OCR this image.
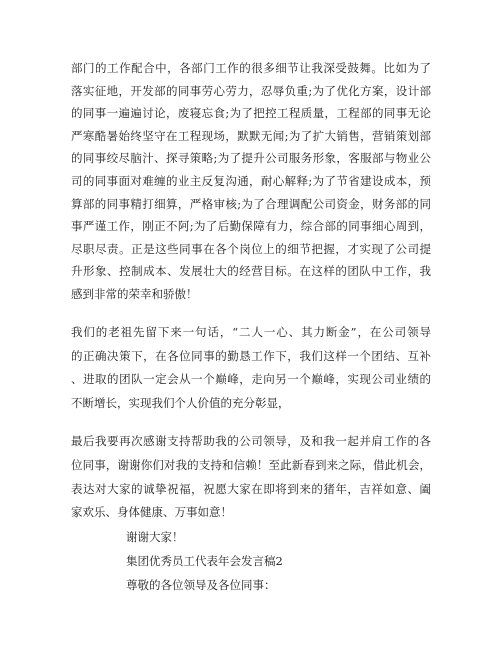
部门的工作配合中，各部门工作的很多细节让我深受鼓舞。比如为了
落实征地，开发部的同事劳心劳力，忍辱负重;为了优化方案，设计部
的同事一遍遍讨论，废寝忘食;为了把控工程质量，工程部的同事无论
严寒酷暑始终坚守在工程现场，默默无闻;为了扩大销售，营销策划部
的同事绞尽脑汁、探寻策略;为了提升公司服务形象，客服部与物业公
司的同事面对难缠的业主反复沟通，耐心解释;为了节省建设成本，预
算部的同事精打细算，严格审核;为了合理调配公司资金，财务部的同
事严谨工作，刚正不阿;为了后勤保障有力，综合部的同事细心周到，
尽职尽责。正是这些同事在各个岗位上的细节把握，才实现了公司提
升形象、控制成本、发展壮大的经营目标。在这样的团队中工作，我
感到非常的荣幸和骄傲！
我们的老祖先留下来一句话，“二人一心、其力断金”，在公司领导
的正确决策下，在各位同事的勤恳工作下，我们这样一个团结、互补
、进取的团队一定会从一个巅峰，走向另一个巅峰，实现公司业绩的
不断增长，实现我们个人价值的充分彰显，
最后我要再次感谢支持帮助我的公司领导，及和我一起并肩工作的各
位同事，谢谢你们对我的支持和信赖！至此新春到来之际，借此机会，
表达对大家的诚挚祝福，祝愿大家在即将到来的猪年，吉祥如意、阖
家欢乐、身体健康、万事如意！
谢谢大家！
集团优秀员工代表年会发言稿2
尊敬的各位领导及各位同事：
